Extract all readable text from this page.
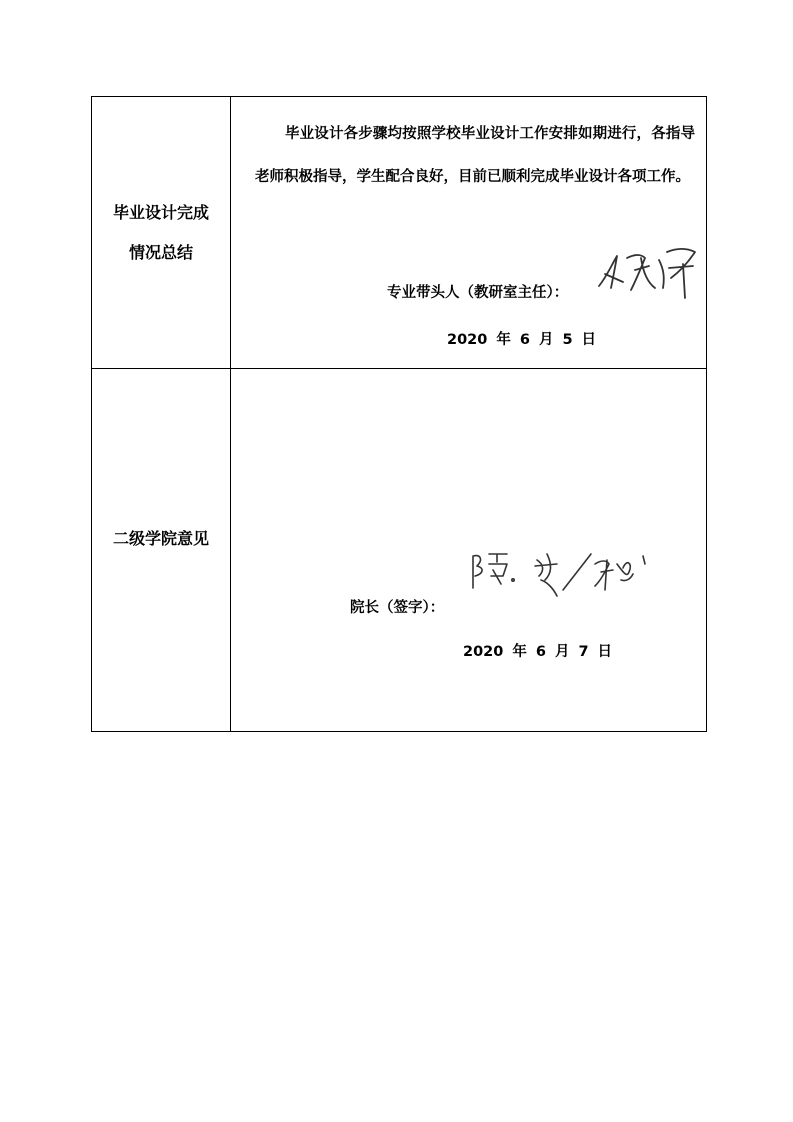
毕业设计完成
情况总结
毕业设计各步骤均按照学校毕业设计工作安排如期进行，各指导老师积极指导，学生配合良好，目前已顺利完成毕业设计各项工作。
专业带头人（教研室主任）：
2020 年 6 月 5 日
二级学院意见
院长（签字）：
2020 年 6 月 7 日
